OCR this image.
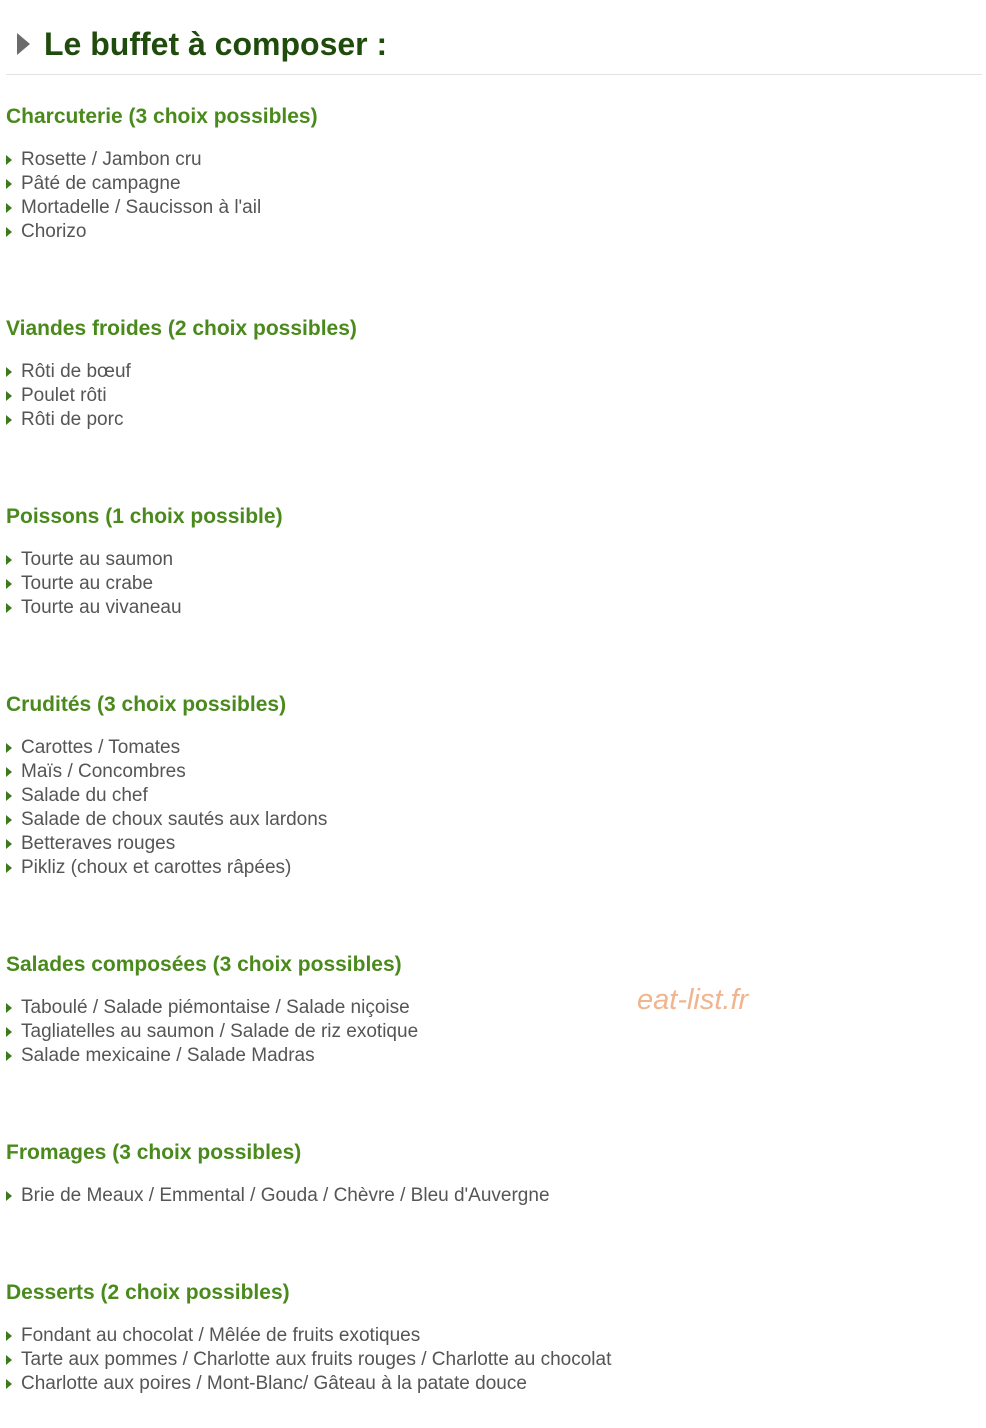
Le buffet à composer :
Charcuterie (3 choix possibles)
Rosette / Jambon cru
Pâté de campagne
Mortadelle / Saucisson à l'ail
Chorizo
Viandes froides (2 choix possibles)
Rôti de bœuf
Poulet rôti
Rôti de porc
Poissons (1 choix possible)
Tourte au saumon
Tourte au crabe
Tourte au vivaneau
Crudités (3 choix possibles)
Carottes / Tomates
Maïs / Concombres
Salade du chef
Salade de choux sautés aux lardons
Betteraves rouges
Pikliz (choux et carottes râpées)
Salades composées (3 choix possibles)
Taboulé / Salade piémontaise / Salade niçoise
Tagliatelles au saumon / Salade de riz exotique
Salade mexicaine / Salade Madras
Fromages (3 choix possibles)
Brie de Meaux / Emmental / Gouda / Chèvre / Bleu d'Auvergne
Desserts (2 choix possibles)
Fondant au chocolat / Mêlée de fruits exotiques
Tarte aux pommes / Charlotte aux fruits rouges / Charlotte au chocolat
Charlotte aux poires / Mont-Blanc/ Gâteau à la patate douce
eat-list.fr
